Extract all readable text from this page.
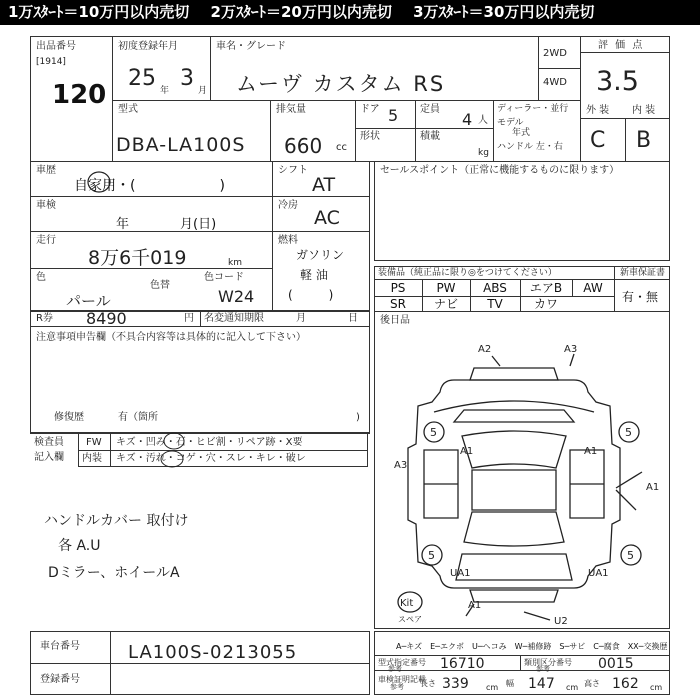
1万ｽﾀｰﾄ＝10万円以内売切 2万ｽﾀｰﾄ＝20万円以内売切 3万ｽﾀｰﾄ＝30万円以内売切
出品番号
[1914]
120
初度登録年月
25 年 3 月
車名・グレード
ムーヴ カスタム RS
2WD
4WD
評 価 点
3.5
型式
DBA-LA100S
排気量
660 cc
ドア 5
形状
定員
4 人
積載
kg
ディーラー・並行
モデル
年式
ハンドル 左・右
外 装 内 装
C B
車歴
自家用・(　　　　　　)
車検
年	月(日)
走行
8万6千019	km
色
パール
色替
色コード
W24
シフト
AT
冷房
AC
燃料
ガソリン
軽 油
(　　　)
R券 8490	円 名変通知期限	月	日
セールスポイント（正常に機能するものに限ります）
装備品（純正品に限り◎をつけてください）	新車保証書
有・無
PS	PW	ABS	エアB	AW
SR	ナビ	TV	カワ
注意事項申告欄（不具合内容等は具体的に記入して下さい）
修復歴	有（箇所	)
後日品
検査員
記入欄
FW キズ・凹み・石・ヒビ割・リペア跡・X要
内装 キズ・汚れ・コゲ・穴・スレ・キレ・破レ
ハンドルカバー 取付け
各 A.U
Dミラー、ホイールA
A2	A3
A1
A3
A1
A1
UA1	UA1
A1
U2
5	5
5	5
Kit
スペア
車台番号	LA100S-0213055
登録番号
A─キズ　E─エクボ　U─ヘコみ　W─補修跡　S─サビ　C─腐食　XX─交換歴
型式指定番号
参考	16710	類別区分番号
参考	0015
車検証明記載
参考 長さ 339 cm 幅 147 cm 高さ 162 cm
